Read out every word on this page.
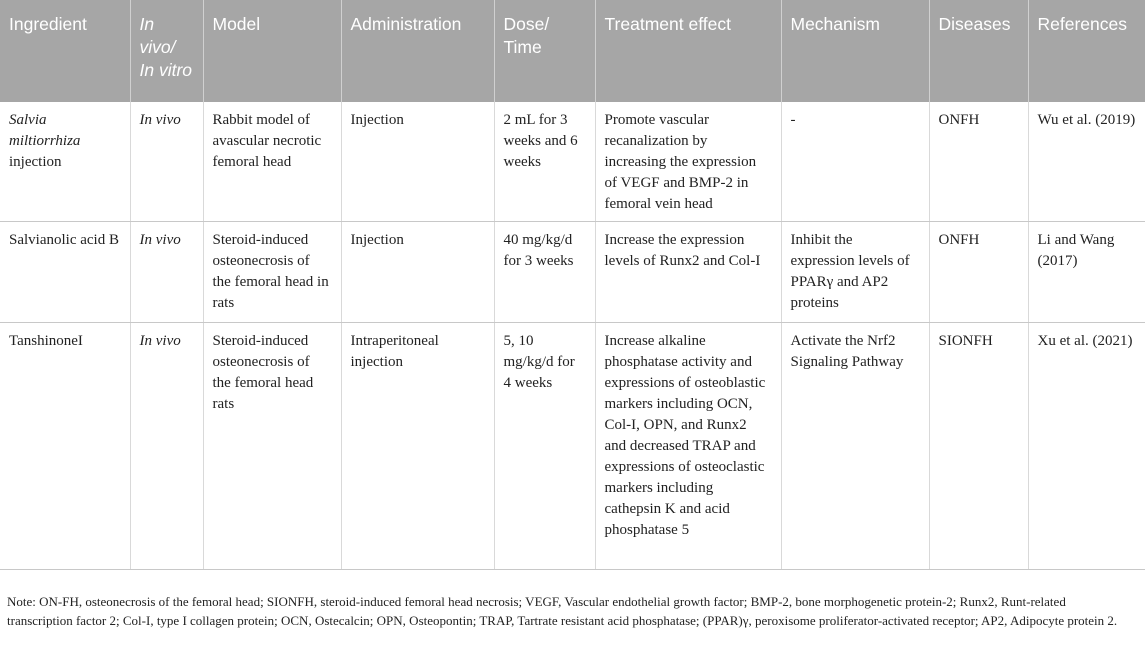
Ingredient	In vivo/ In vitro	Model	Administration	Dose/ Time	Treatment effect	Mechanism	Diseases	References
Salvia miltiorrhiza injection	In vivo	Rabbit model of avascular necrotic femoral head	Injection	2 mL for 3 weeks and 6 weeks	Promote vascular recanalization by increasing the expression of VEGF and BMP-2 in femoral vein head	-	ONFH	Wu et al. (2019)
Salvianolic acid B	In vivo	Steroid-induced osteonecrosis of the femoral head in rats	Injection	40 mg/kg/d for 3 weeks	Increase the expression levels of Runx2 and Col-I	Inhibit the expression levels of PPARγ and AP2 proteins	ONFH	Li and Wang (2017)
TanshinoneI	In vivo	Steroid-induced osteonecrosis of the femoral head rats	Intraperitoneal injection	5, 10 mg/kg/d for 4 weeks	Increase alkaline phosphatase activity and expressions of osteoblastic markers including OCN, Col-I, OPN, and Runx2 and decreased TRAP and expressions of osteoclastic markers including cathepsin K and acid phosphatase 5	Activate the Nrf2 Signaling Pathway	SIONFH	Xu et al. (2021)
Note: ON-FH, osteonecrosis of the femoral head; SIONFH, steroid-induced femoral head necrosis; VEGF, Vascular endothelial growth factor; BMP-2, bone morphogenetic protein-2; Runx2, Runt-related transcription factor 2; Col-I, type I collagen protein; OCN, Ostecalcin; OPN, Osteopontin; TRAP, Tartrate resistant acid phosphatase; (PPAR)γ, peroxisome proliferator-activated receptor; AP2, Adipocyte protein 2.
